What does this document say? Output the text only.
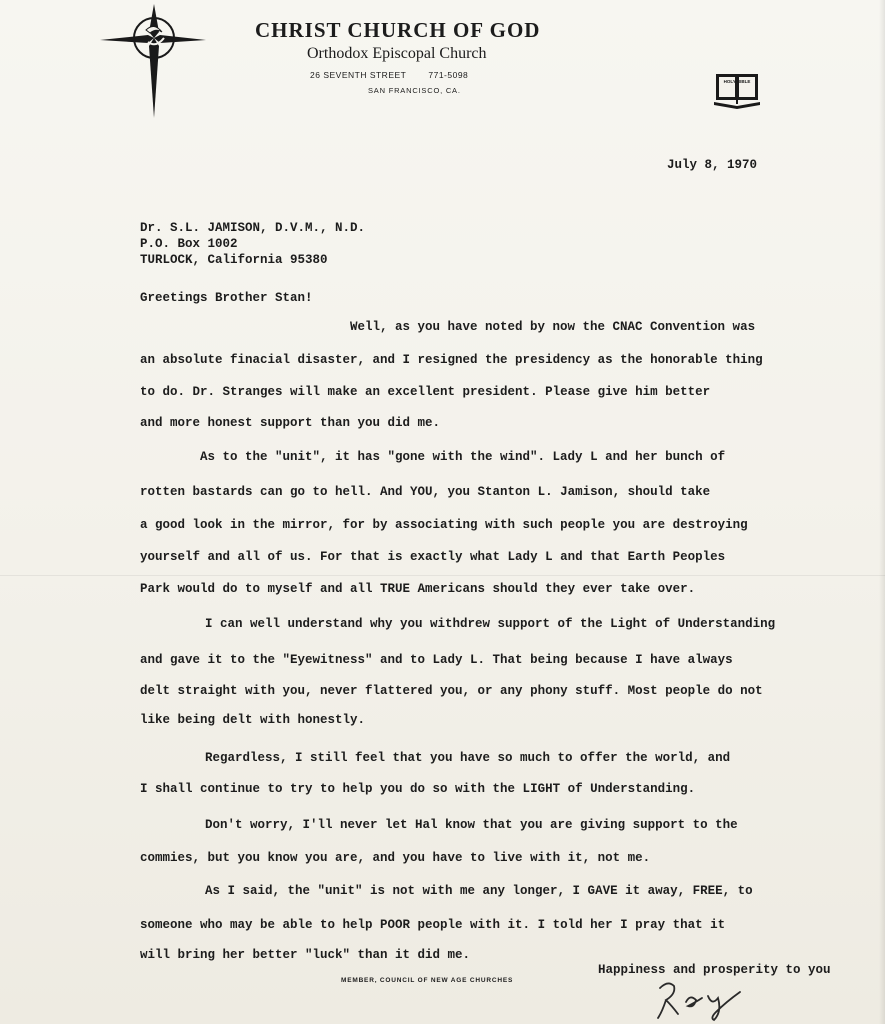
CHRIST CHURCH OF GOD
Orthodox Episcopal Church
26 SEVENTH STREET	771-5098
SAN FRANCISCO, CA.
HOLY BIBLE
July 8, 1970
Dr. S.L. JAMISON, D.V.M., N.D.
P.O. Box 1002
TURLOCK, California 95380
Greetings Brother Stan!
Well, as you have noted by now the CNAC Convention was
an absolute finacial disaster, and I resigned the presidency as the honorable thing
to do. Dr. Stranges will make an excellent president. Please give him better
and more honest support than you did me.
As to the "unit", it has "gone with the wind". Lady L and her bunch of
rotten bastards can go to hell. And YOU, you Stanton L. Jamison, should take
a good look in the mirror, for by associating with such people you are destroying
yourself and all of us. For that is exactly what Lady L and that Earth Peoples
Park would do to myself and all TRUE Americans should they ever take over.
I can well understand why you withdrew support of the Light of Understanding
and gave it to the "Eyewitness" and to Lady L. That being because I have always
delt straight with you, never flattered you, or any phony stuff. Most people do not
like being delt with honestly.
Regardless, I still feel that you have so much to offer the world, and
I shall continue to try to help you do so with the LIGHT of Understanding.
Don't worry, I'll never let Hal know that you are giving support to the
commies, but you know you are, and you have to live with it, not me.
As I said, the "unit" is not with me any longer, I GAVE it away, FREE, to
someone who may be able to help POOR people with it. I told her I pray that it
will bring her better "luck" than it did me.
MEMBER, COUNCIL OF NEW AGE CHURCHES
Happiness and prosperity to you
